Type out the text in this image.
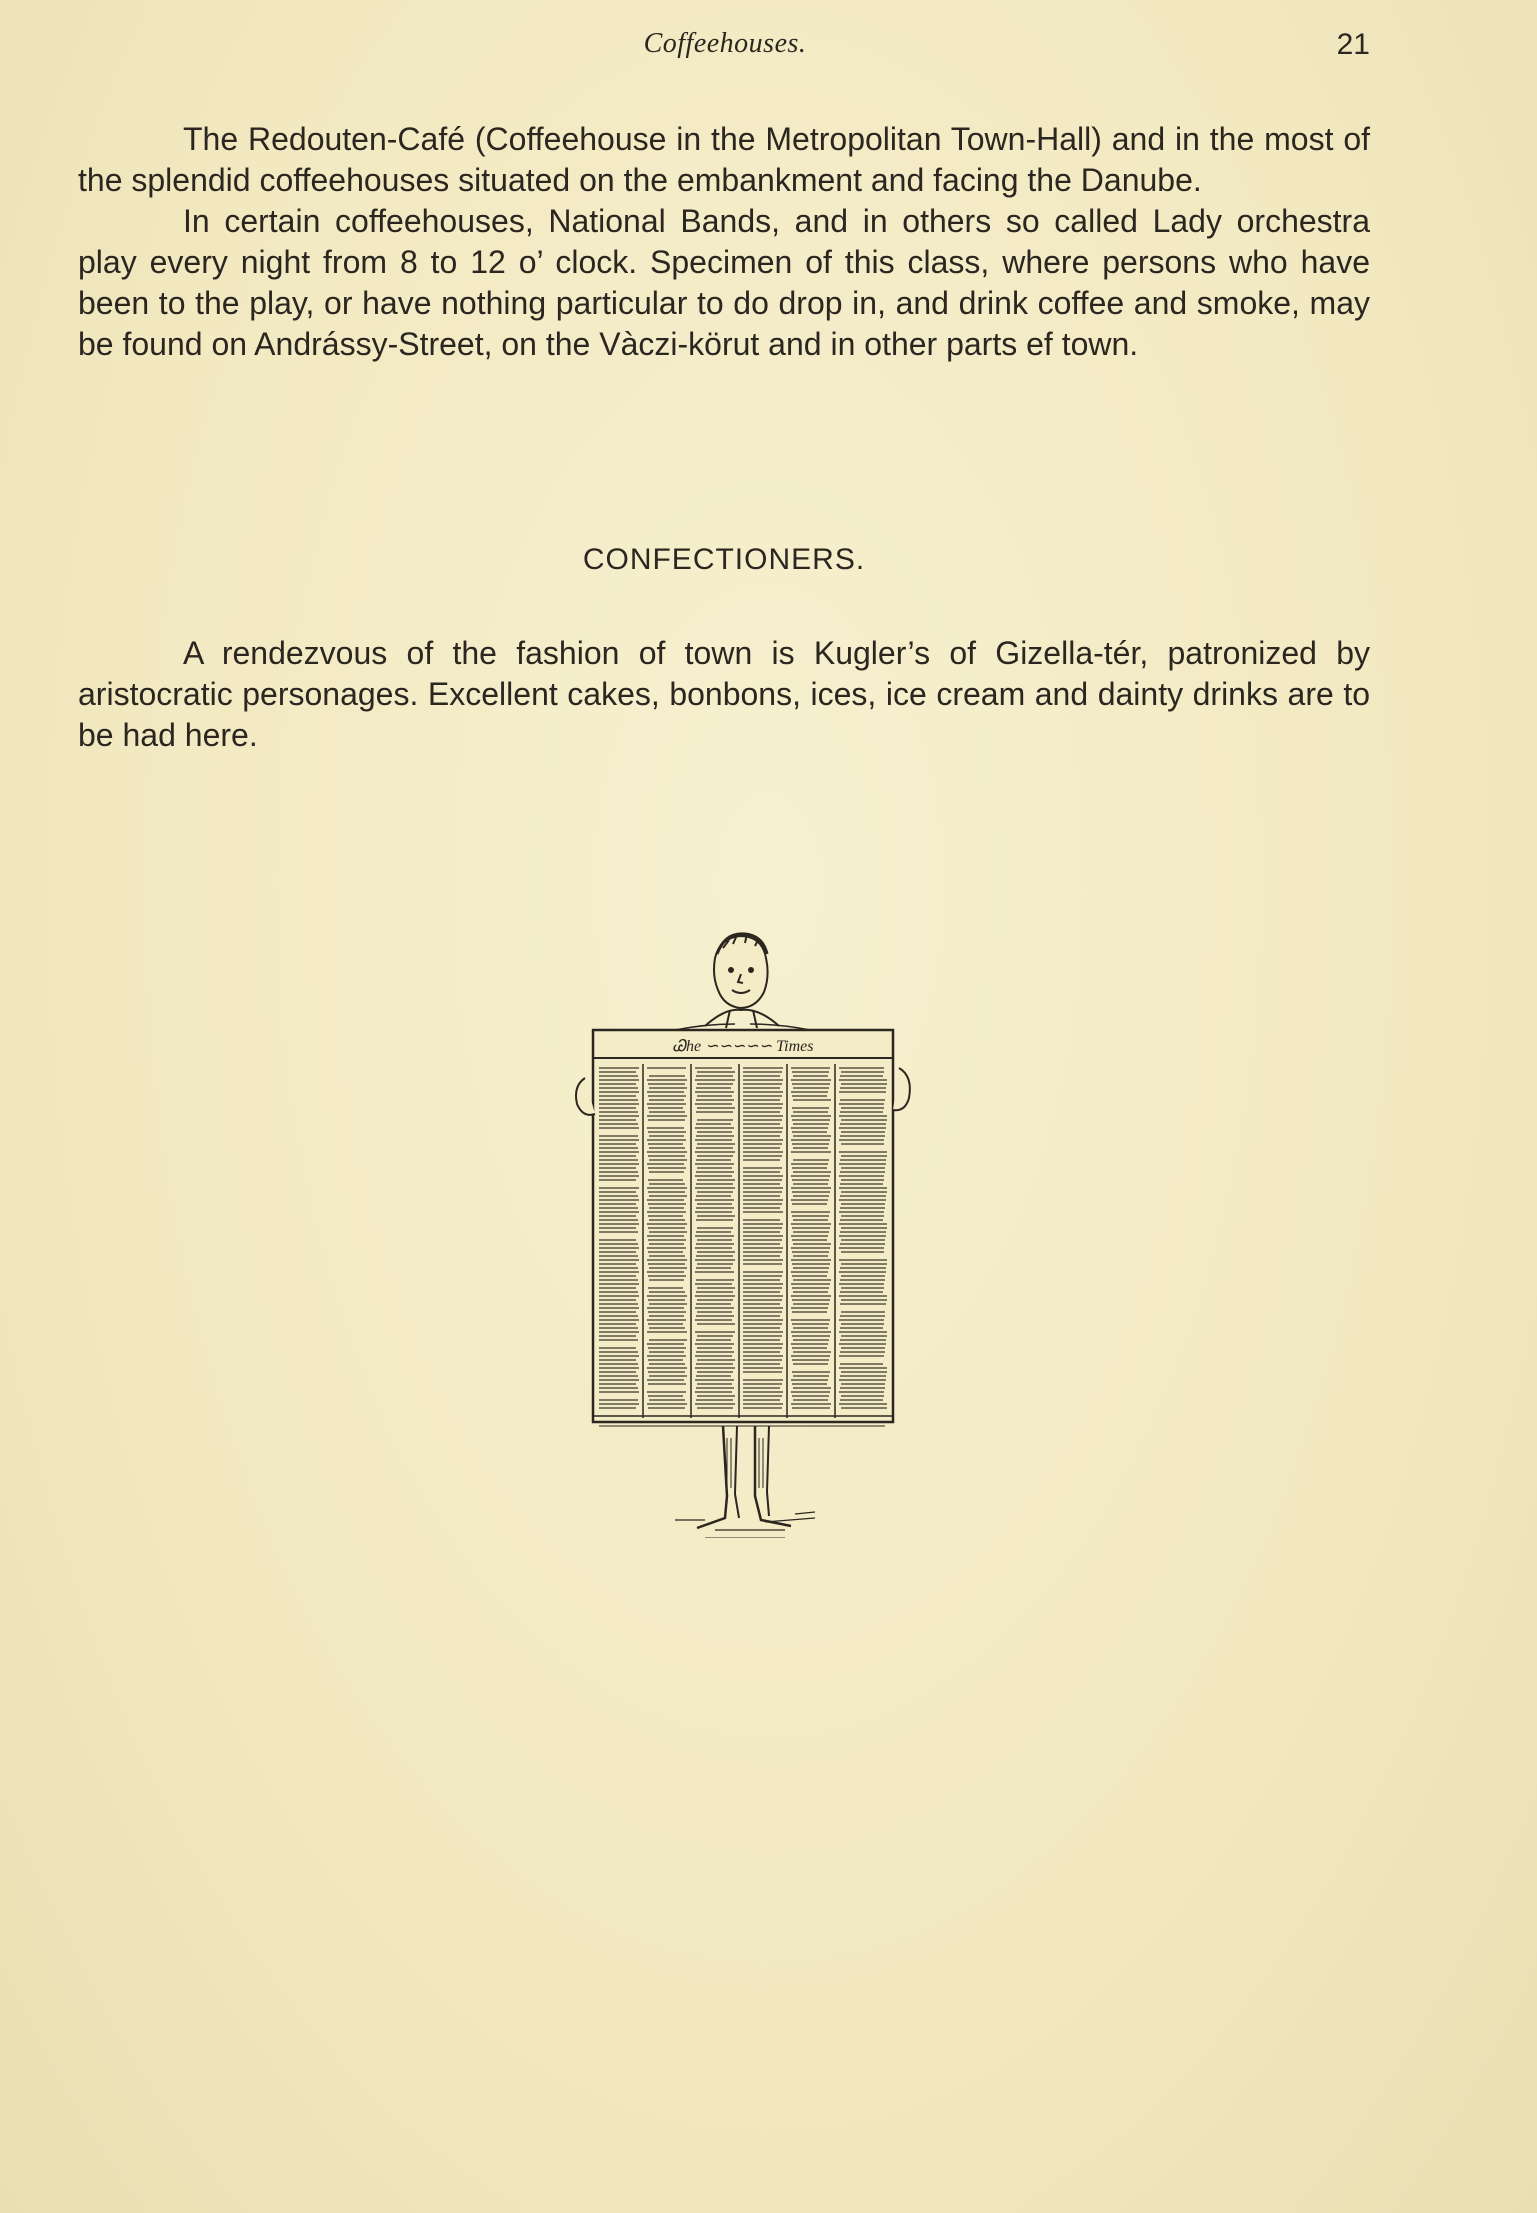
Coffeehouses.	21

The Redouten-Café (Coffeehouse in the Metropolitan Town-Hall) and in the most of the splendid coffeehouses situated on the embankment and facing the Danube.

In certain coffeehouses, National Bands, and in others so called Lady orchestra play every night from 8 to 12 o’ clock. Specimen of this class, where persons who have been to the play, or have nothing particular to do drop in, and drink coffee and smoke, may be found on Andrássy-Street, on the Vàczi-körut and in other parts ef town.

CONFECTIONERS.

A rendezvous of the fashion of town is Kugler’s of Gizella-tér, patronized by aristocratic personages. Excellent cakes, bonbons, ices, ice cream and dainty drinks are to be had here.

Ꮚhe ∽∽∽∽∽ Times
